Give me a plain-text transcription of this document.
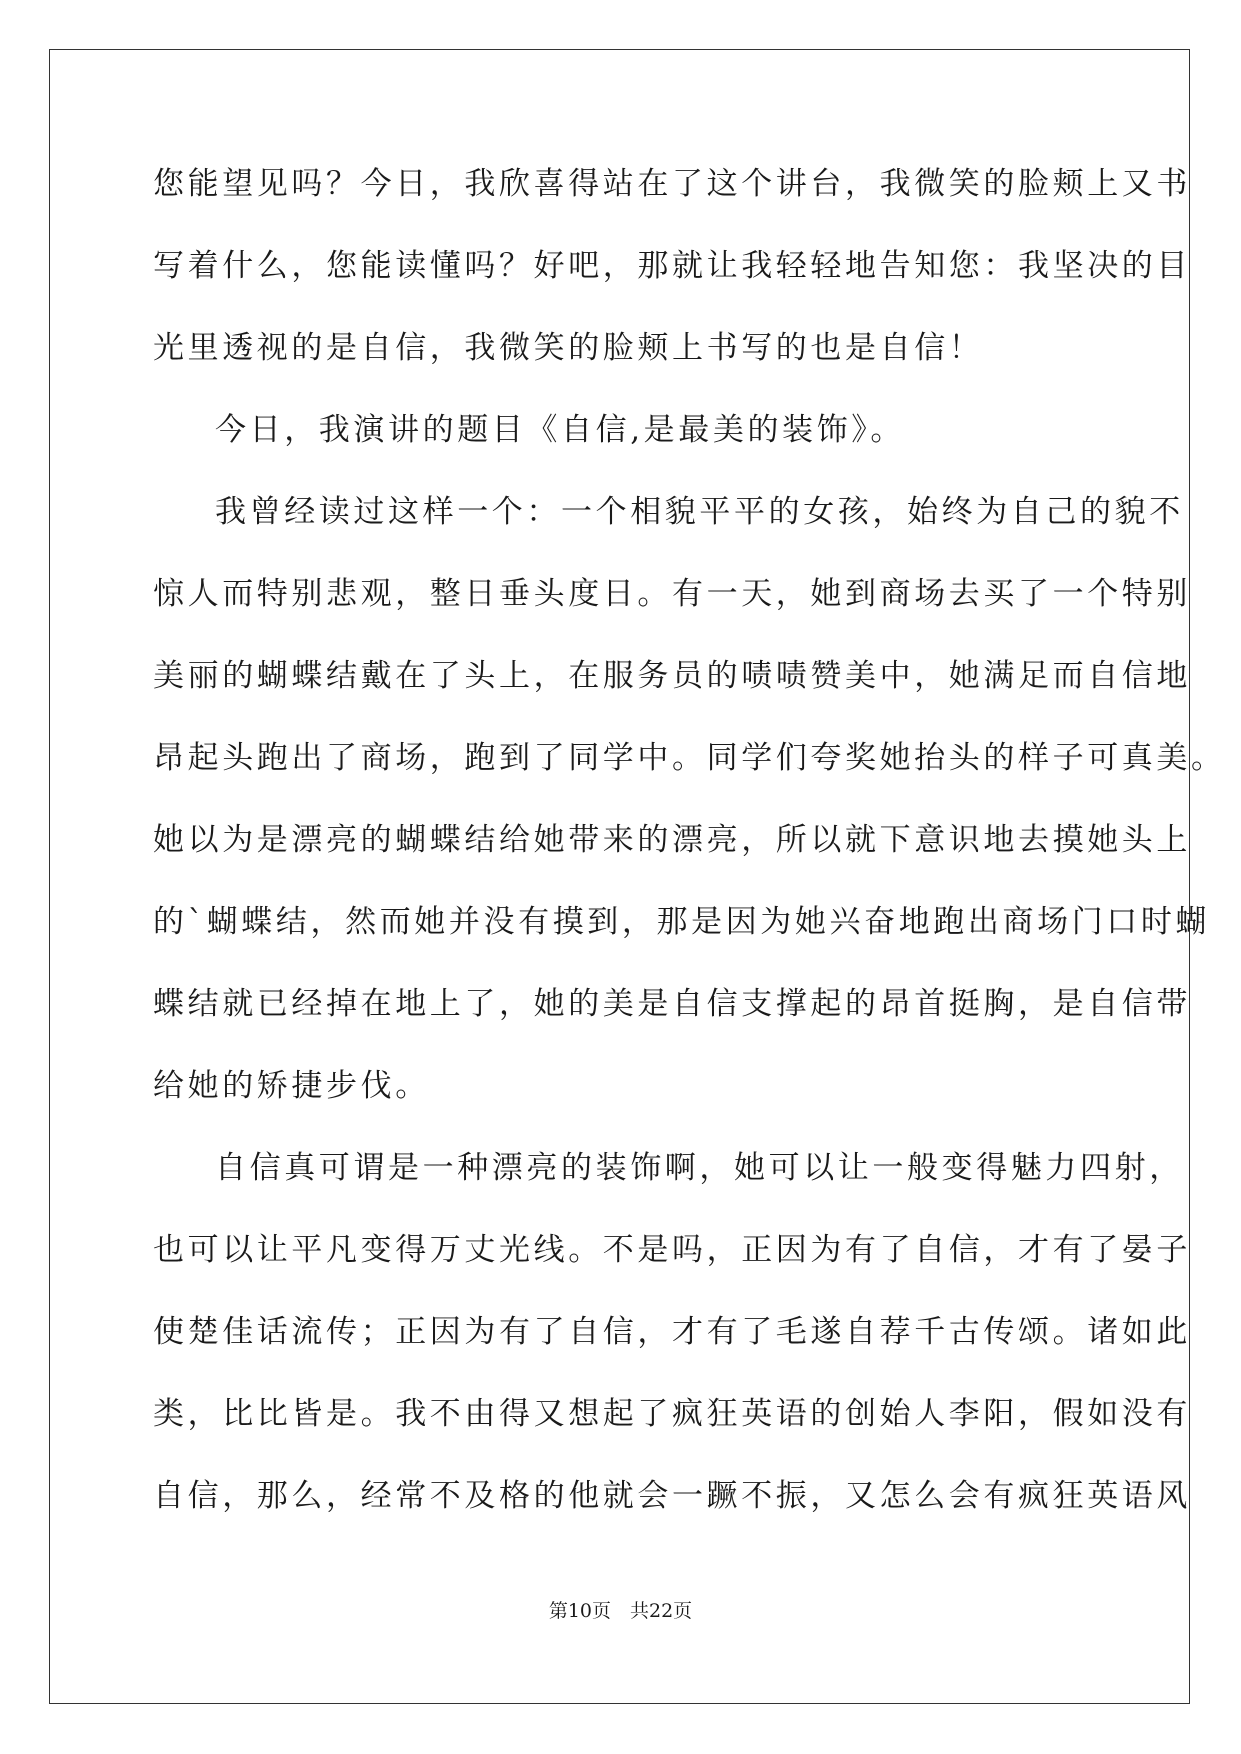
您能望见吗？今日，我欣喜得站在了这个讲台，我微笑的脸颊上又书
写着什么，您能读懂吗？好吧，那就让我轻轻地告知您：我坚决的目
光里透视的是自信，我微笑的脸颊上书写的也是自信！
今日，我演讲的题目《自信,是最美的装饰》。
我曾经读过这样一个：一个相貌平平的女孩，始终为自己的貌不
惊人而特别悲观，整日垂头度日。有一天，她到商场去买了一个特别
美丽的蝴蝶结戴在了头上，在服务员的啧啧赞美中，她满足而自信地
昂起头跑出了商场，跑到了同学中。同学们夸奖她抬头的样子可真美。
她以为是漂亮的蝴蝶结给她带来的漂亮，所以就下意识地去摸她头上
的`蝴蝶结，然而她并没有摸到，那是因为她兴奋地跑出商场门口时蝴
蝶结就已经掉在地上了，她的美是自信支撑起的昂首挺胸，是自信带
给她的矫捷步伐。
自信真可谓是一种漂亮的装饰啊，她可以让一般变得魅力四射，
也可以让平凡变得万丈光线。不是吗，正因为有了自信，才有了晏子
使楚佳话流传；正因为有了自信，才有了毛遂自荐千古传颂。诸如此
类，比比皆是。我不由得又想起了疯狂英语的创始人李阳，假如没有
自信，那么，经常不及格的他就会一蹶不振，又怎么会有疯狂英语风
第10页　共22页
